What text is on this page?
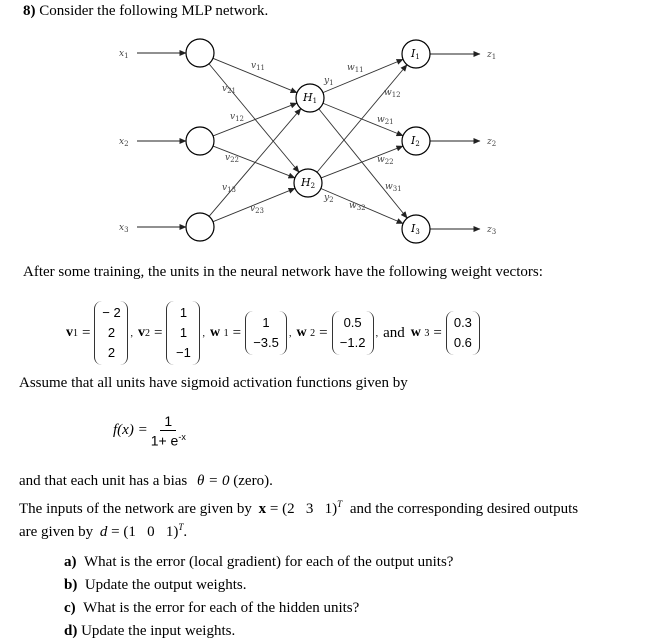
8) Consider the following MLP network.
$x_1$
$x_2$
$x_3$
$z_1$
$z_2$
$z_3$
H1
H2
I1
I2
I3
$y_1$
$y_2$
$v_{11}$
$v_{21}$
$v_{12}$
$v_{22}$
$v_{13}$
$v_{23}$
$w_{11}$
$w_{12}$
$w_{21}$
$w_{22}$
$w_{31}$
$w_{32}$
After some training, the units in the neural network have the following weight vectors:
v1 =
− 2
2
2
, v2 =
1
1
−1
, w 1 =
1
−3.5
, w 2 =
0.5
−1.2
, and w 3 =
0.3
0.6
Assume that all units have sigmoid activation functions given by
$f(x) = \frac{1}{1+ e^{-x}}$
and that each unit has a bias θ = 0 (zero).
The inputs of the network are given by x = (2   3   1)$^T$ and the corresponding desired outputs
are given by d = (1   0   1)$^T$.
a) What is the error (local gradient) for each of the output units?
b) Update the output weights.
c) What is the error for each of the hidden units?
d) Update the input weights.
